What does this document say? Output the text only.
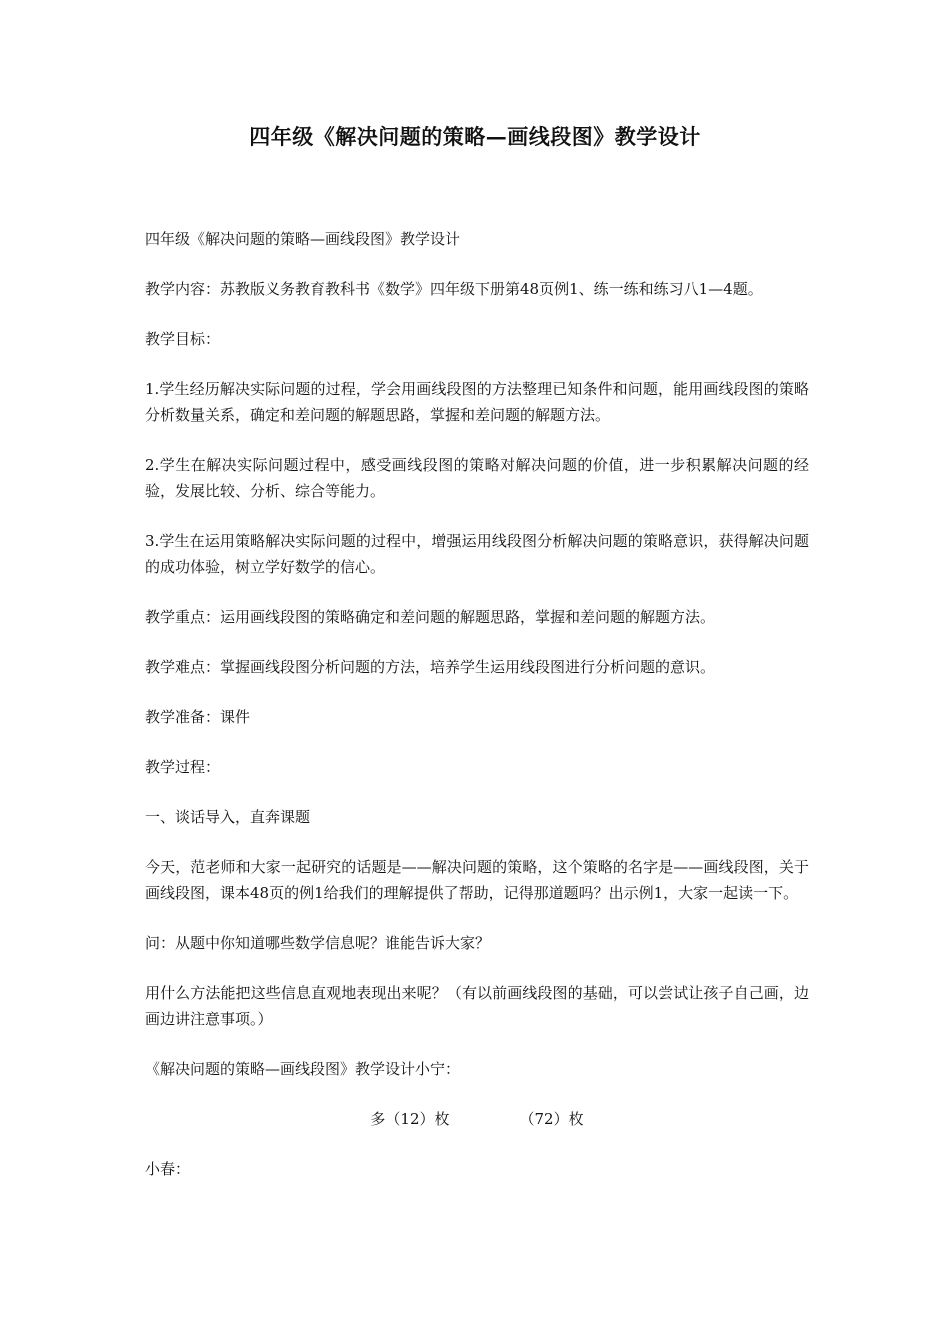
四年级《解决问题的策略—画线段图》教学设计

四年级《解决问题的策略—画线段图》教学设计

教学内容：苏教版义务教育教科书《数学》四年级下册第48页例1、练一练和练习八1—4题。

教学目标：

1.学生经历解决实际问题的过程，学会用画线段图的方法整理已知条件和问题，能用画线段图的策略分析数量关系，确定和差问题的解题思路，掌握和差问题的解题方法。

2.学生在解决实际问题过程中，感受画线段图的策略对解决问题的价值，进一步积累解决问题的经验，发展比较、分析、综合等能力。

3.学生在运用策略解决实际问题的过程中，增强运用线段图分析解决问题的策略意识，获得解决问题的成功体验，树立学好数学的信心。

教学重点：运用画线段图的策略确定和差问题的解题思路，掌握和差问题的解题方法。

教学难点：掌握画线段图分析问题的方法，培养学生运用线段图进行分析问题的意识。

教学准备：课件

教学过程：

一、谈话导入，直奔课题

今天，范老师和大家一起研究的话题是——解决问题的策略，这个策略的名字是——画线段图，关于画线段图，课本48页的例1给我们的理解提供了帮助，记得那道题吗？出示例1，大家一起读一下。

问：从题中你知道哪些数学信息呢？谁能告诉大家？

用什么方法能把这些信息直观地表现出来呢？（有以前画线段图的基础，可以尝试让孩子自己画，边画边讲注意事项。）

《解决问题的策略—画线段图》教学设计小宁：

多（12）枚	（72）枚

小春：
